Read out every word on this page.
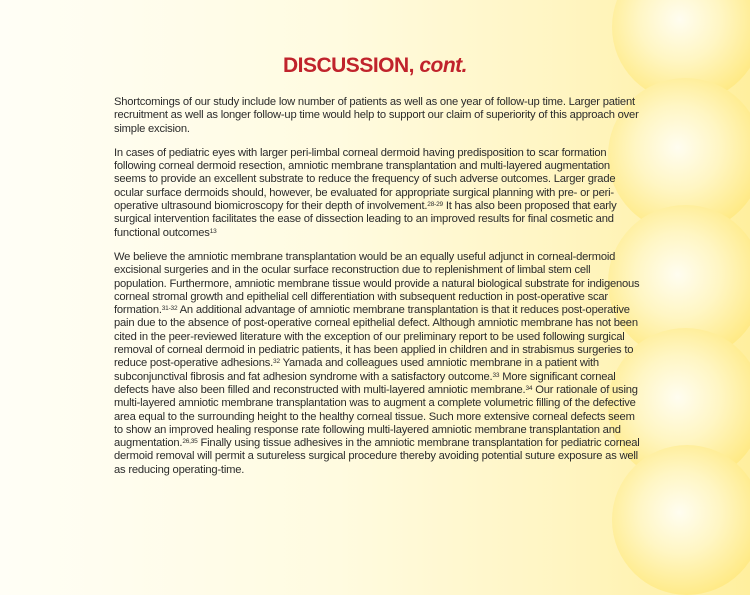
DISCUSSION, cont.

Shortcomings of our study include low number of patients as well as one year of follow-up time. Larger patient recruitment as well as longer follow-up time would help to support our claim of superiority of this approach over simple excision.

In cases of pediatric eyes with larger peri-limbal corneal dermoid having predisposition to scar formation following corneal dermoid resection, amniotic membrane transplantation and multi-layered augmentation seems to provide an excellent substrate to reduce the frequency of such adverse outcomes. Larger grade ocular surface dermoids should, however, be evaluated for appropriate surgical planning with pre- or peri-operative ultrasound biomicroscopy for their depth of involvement.$^{28-29}$ It has also been proposed that early surgical intervention facilitates the ease of dissection leading to an improved results for final cosmetic and functional outcomes$^{13}$

We believe the amniotic membrane transplantation would be an equally useful adjunct in corneal-dermoid excisional surgeries and in the ocular surface reconstruction due to replenishment of limbal stem cell population. Furthermore, amniotic membrane tissue would provide a natural biological substrate for indigenous corneal stromal growth and epithelial cell differentiation with subsequent reduction in post-operative scar formation.$^{31-32}$ An additional advantage of amniotic membrane transplantation is that it reduces post-operative pain due to the absence of post-operative corneal epithelial defect. Although amniotic membrane has not been cited in the peer-reviewed literature with the exception of our preliminary report to be used following surgical removal of corneal dermoid in pediatric patients, it has been applied in children and in strabismus surgeries to reduce post-operative adhesions.$^{32}$ Yamada and colleagues used amniotic membrane in a patient with subconjunctival fibrosis and fat adhesion syndrome with a satisfactory outcome.$^{33}$ More significant corneal defects have also been filled and reconstructed with multi-layered amniotic membrane.$^{34}$ Our rationale of using multi-layered amniotic membrane transplantation was to augment a complete volumetric filling of the defective area equal to the surrounding height to the healthy corneal tissue. Such more extensive corneal defects seem to show an improved healing response rate following multi-layered amniotic membrane transplantation and augmentation.$^{26,35}$ Finally using tissue adhesives in the amniotic membrane transplantation for pediatric corneal dermoid removal will permit a sutureless surgical procedure thereby avoiding potential suture exposure as well as reducing operating-time.
